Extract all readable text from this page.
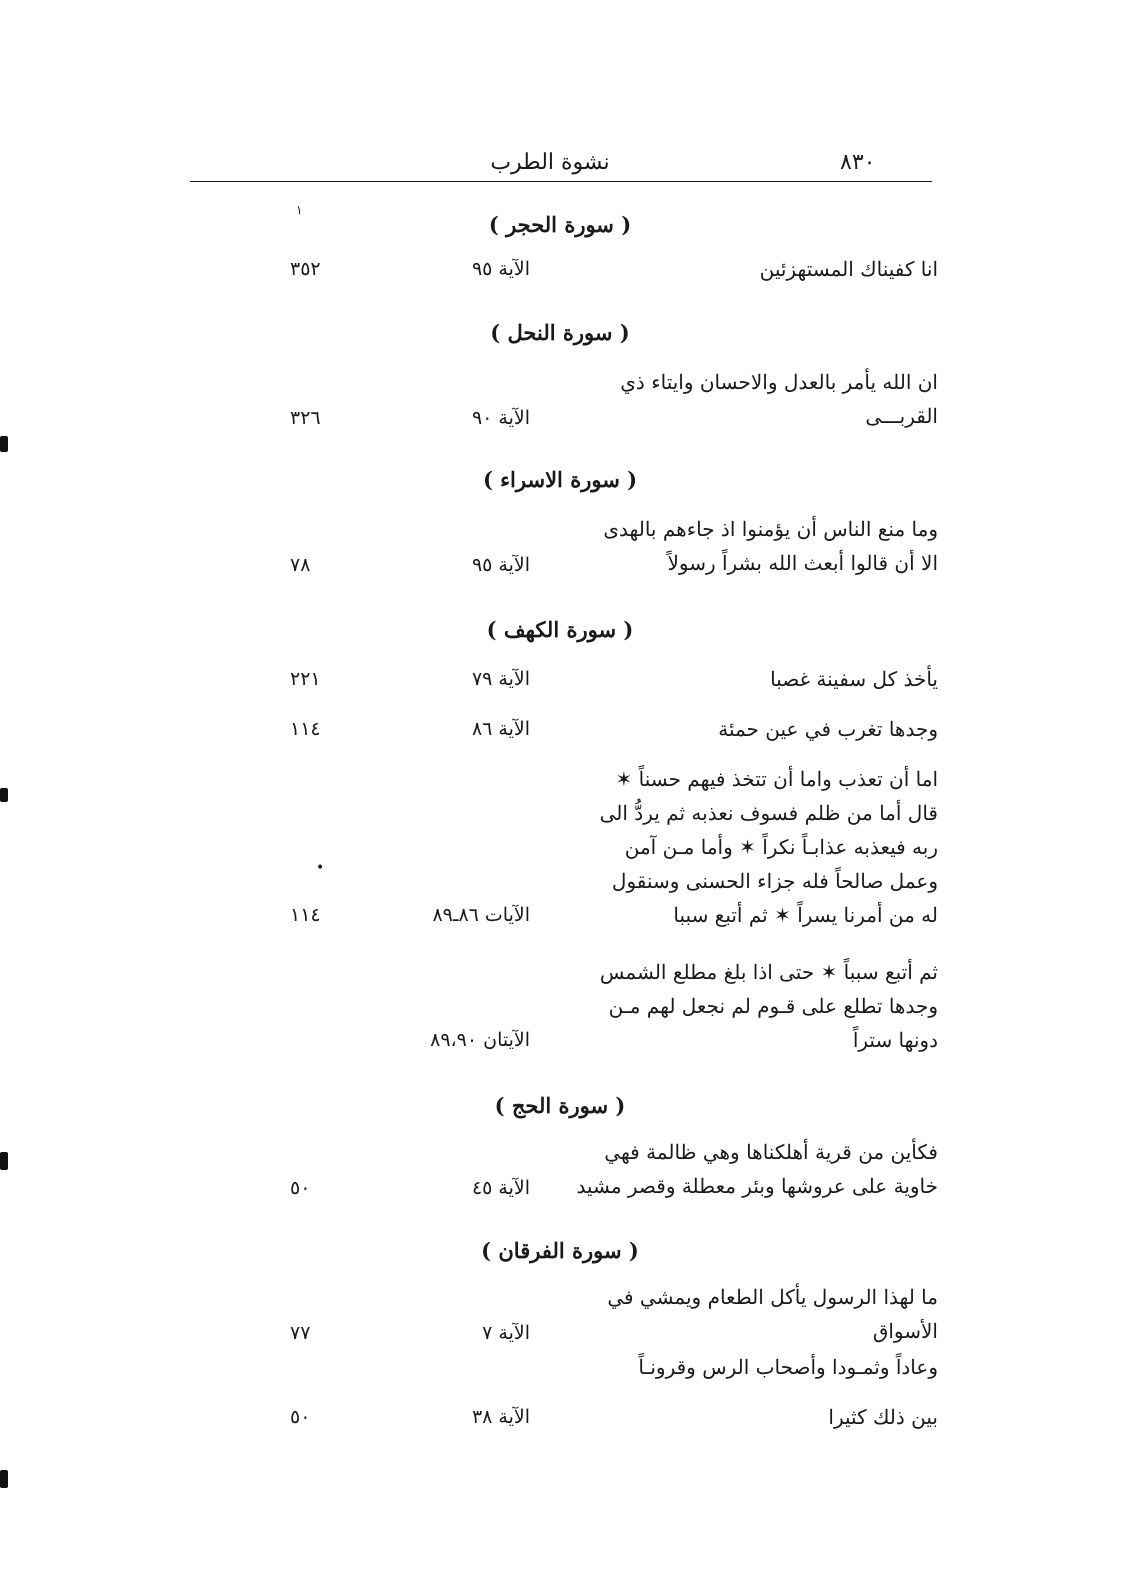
٨٣٠
نشوة الطرب
١
•
( سورة الحجر )
انا كفيناك المستهزئين
الآية ٩٥
٣٥٢
( سورة النحل )
ان الله يأمر بالعدل والاحسان وايتاء ذي
القربـــى
الآية ٩٠
٣٢٦
( سورة الاسراء )
وما منع الناس أن يؤمنوا اذ جاءهم بالهدى
الا أن قالوا أبعث الله بشراً رسولاً
الآية ٩٥
٧٨
( سورة الكهف )
يأخذ كل سفينة غصبا
الآية ٧٩
٢٢١
وجدها تغرب في عين حمئة
الآية ٨٦
١١٤
اما أن تعذب واما أن تتخذ فيهم حسناً ✶
قال أما من ظلم فسوف نعذبه ثم يردُّ الى
ربه فيعذبه عذابـاً نكراً ✶ وأما مـن آمن
وعمل صالحاً فله جزاء الحسنى وسنقول
له من أمرنا يسراً ✶ ثم أتبع سببا
الآيات ٨٦ـ٨٩
١١٤
ثم أتبع سبباً ✶ حتى اذا بلغ مطلع الشمس
وجدها تطلع على قـوم لم نجعل لهم مـن
دونها ستراً
الآيتان ٨٩،٩٠
( سورة الحج )
فكأين من قرية أهلكناها وهي ظالمة فهي
خاوية على عروشها وبئر معطلة وقصر مشيد
الآية ٤٥
٥٠
( سورة الفرقان )
ما لهذا الرسول يأكل الطعام ويمشي في
الأسواق
الآية ٧
٧٧
وعاداً وثمـودا وأصحاب الرس وقرونـاً
بين ذلك كثيرا
الآية ٣٨
٥٠
